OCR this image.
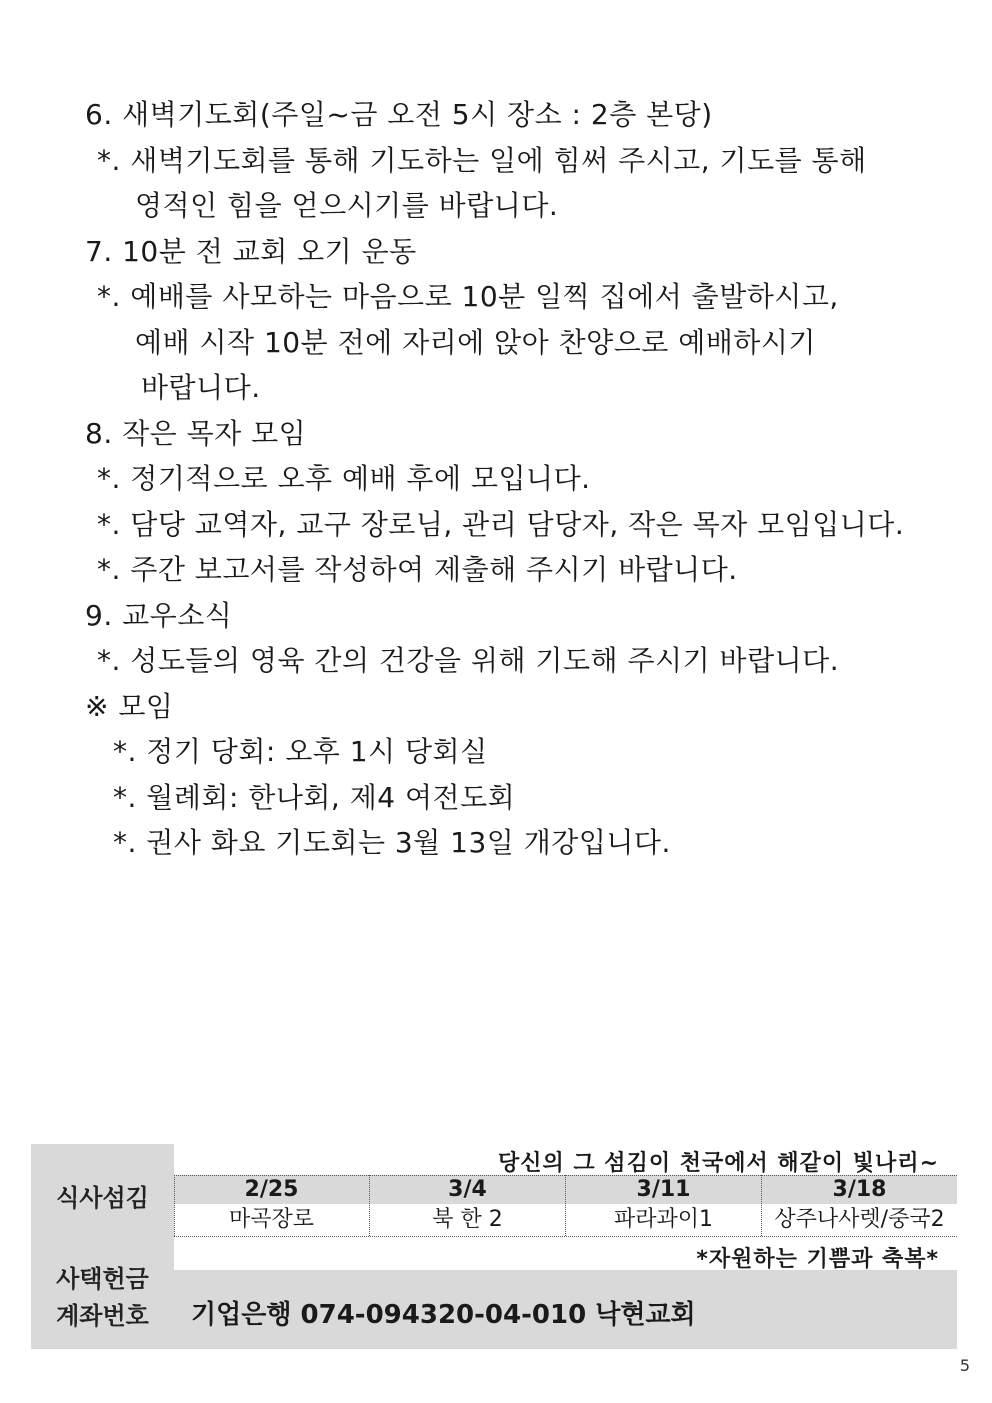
6. 새벽기도회(주일~금 오전 5시 장소 : 2층 본당)
*. 새벽기도회를 통해 기도하는 일에 힘써 주시고, 기도를 통해
영적인 힘을 얻으시기를 바랍니다.
7. 10분 전 교회 오기 운동
*. 예배를 사모하는 마음으로 10분 일찍 집에서 출발하시고,
예배 시작 10분 전에 자리에 앉아 찬양으로 예배하시기
바랍니다.
8. 작은 목자 모임
*. 정기적으로 오후 예배 후에 모입니다.
*. 담당 교역자, 교구 장로님, 관리 담당자, 작은 목자 모임입니다.
*. 주간 보고서를 작성하여 제출해 주시기 바랍니다.
9. 교우소식
*. 성도들의 영육 간의 건강을 위해 기도해 주시기 바랍니다.
※ 모임
*. 정기 당회: 오후 1시 당회실
*. 월례회: 한나회, 제4 여전도회
*. 권사 화요 기도회는 3월 13일 개강입니다.
당신의 그 섬김이 천국에서 해같이 빛나리~
식사섬김	2/25	3/4	3/11	3/18
마곡장로	북 한 2	파라과이1	상주나사렛/중국2
*자원하는 기쁨과 축복*
사택헌금
계좌번호	기업은행 074-094320-04-010 낙현교회
5
